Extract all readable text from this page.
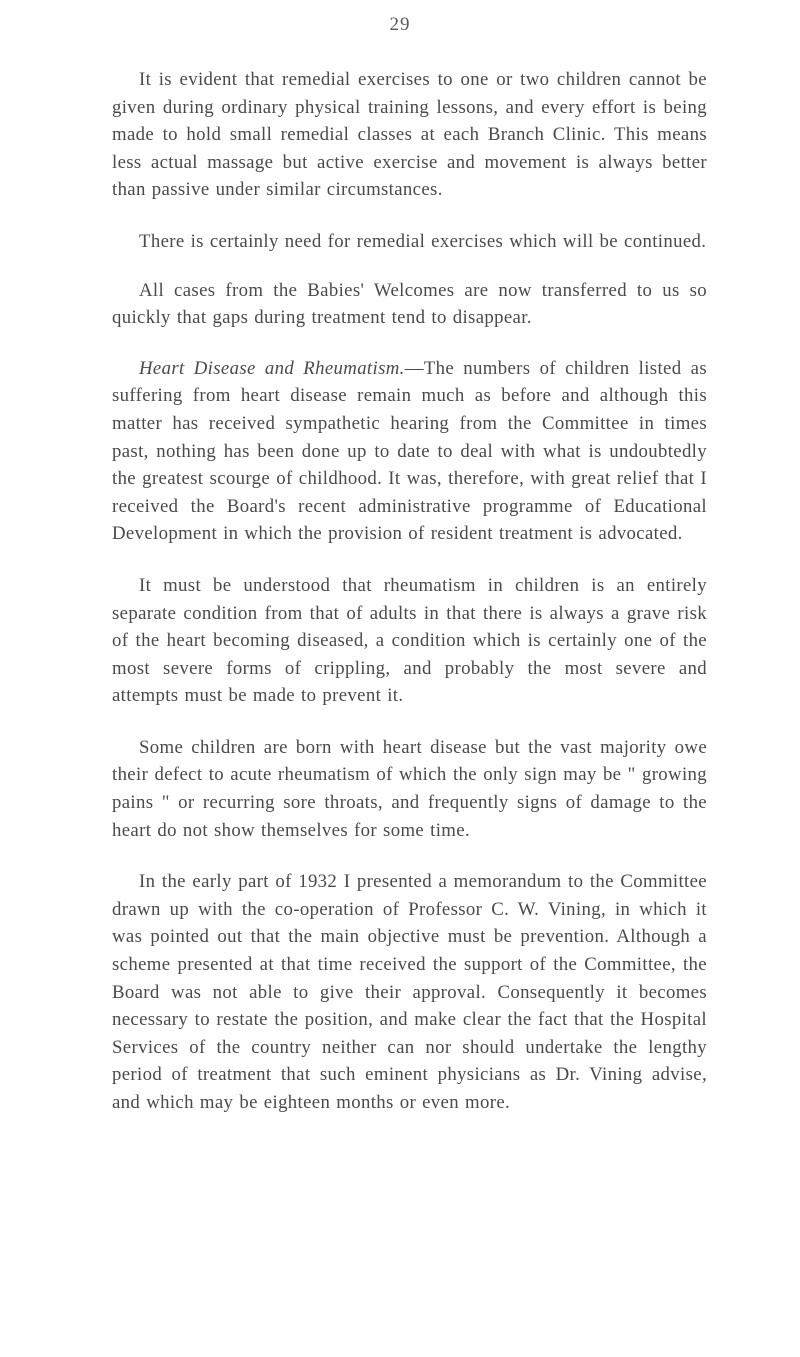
29

It is evident that remedial exercises to one or two children cannot be given during ordinary physical training lessons, and every effort is being made to hold small remedial classes at each Branch Clinic. This means less actual massage but active exercise and movement is always better than passive under similar circumstances.

There is certainly need for remedial exercises which will be continued.

All cases from the Babies' Welcomes are now transferred to us so quickly that gaps during treatment tend to disappear.

Heart Disease and Rheumatism.—The numbers of children listed as suffering from heart disease remain much as before and although this matter has received sympathetic hearing from the Committee in times past, nothing has been done up to date to deal with what is undoubtedly the greatest scourge of childhood. It was, therefore, with great relief that I received the Board's recent administrative programme of Educational Development in which the provision of resident treatment is advocated.

It must be understood that rheumatism in children is an entirely separate condition from that of adults in that there is always a grave risk of the heart becoming diseased, a condition which is certainly one of the most severe forms of crippling, and probably the most severe and attempts must be made to prevent it.

Some children are born with heart disease but the vast majority owe their defect to acute rheumatism of which the only sign may be " growing pains " or recurring sore throats, and frequently signs of damage to the heart do not show themselves for some time.

In the early part of 1932 I presented a memorandum to the Committee drawn up with the co-operation of Professor C. W. Vining, in which it was pointed out that the main objective must be prevention. Although a scheme presented at that time received the support of the Committee, the Board was not able to give their approval. Consequently it becomes necessary to restate the position, and make clear the fact that the Hospital Services of the country neither can nor should undertake the lengthy period of treatment that such eminent physicians as Dr. Vining advise, and which may be eighteen months or even more.
